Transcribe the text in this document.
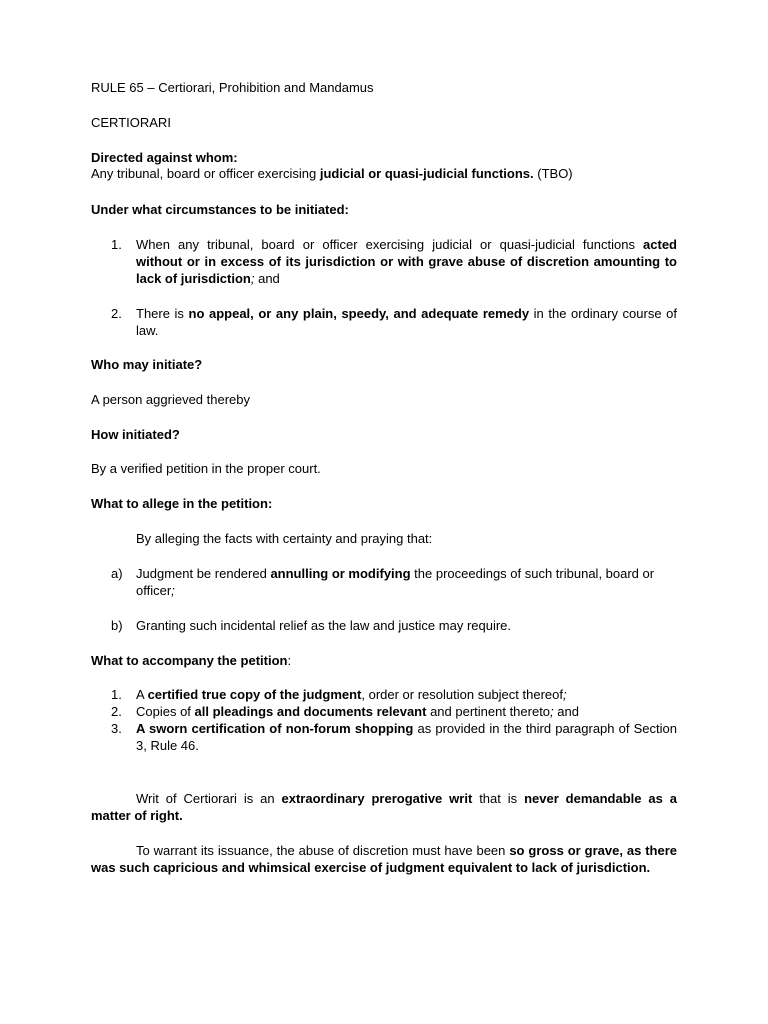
RULE 65 – Certiorari, Prohibition and Mandamus
CERTIORARI
Directed against whom:
Any tribunal, board or officer exercising judicial or quasi-judicial functions. (TBO)
Under what circumstances to be initiated:
1.	When any tribunal, board or officer exercising judicial or quasi-judicial functions acted without or in excess of its jurisdiction or with grave abuse of discretion amounting to lack of jurisdiction; and
2.	There is no appeal, or any plain, speedy, and adequate remedy in the ordinary course of law.
Who may initiate?
A person aggrieved thereby
How initiated?
By a verified petition in the proper court.
What to allege in the petition:
By alleging the facts with certainty and praying that:
a)	Judgment be rendered annulling or modifying the proceedings of such tribunal, board or officer;
b)	Granting such incidental relief as the law and justice may require.
What to accompany the petition:
1.	A certified true copy of the judgment, order or resolution subject thereof;
2.	Copies of all pleadings and documents relevant and pertinent thereto; and
3.	A sworn certification of non-forum shopping as provided in the third paragraph of Section 3, Rule 46.
Writ of Certiorari is an extraordinary prerogative writ that is never demandable as a matter of right.
To warrant its issuance, the abuse of discretion must have been so gross or grave, as there was such capricious and whimsical exercise of judgment equivalent to lack of jurisdiction.
